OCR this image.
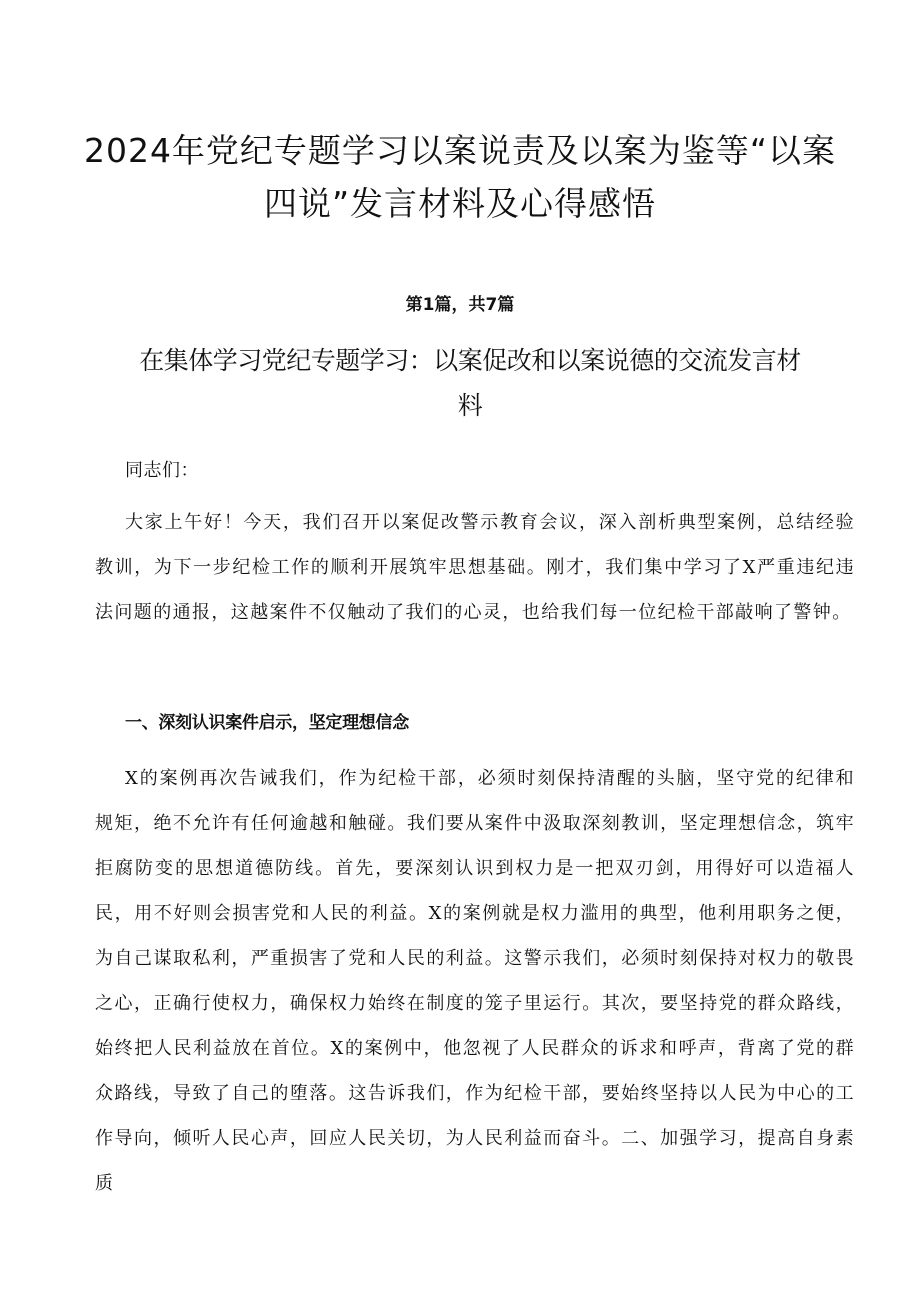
2024年党纪专题学习以案说责及以案为鉴等“以案四说”发言材料及心得感悟

第1篇，共7篇

在集体学习党纪专题学习：以案促改和以案说德的交流发言材料

同志们：

大家上午好！今天，我们召开以案促改警示教育会议，深入剖析典型案例，总结经验教训，为下一步纪检工作的顺利开展筑牢思想基础。刚才，我们集中学习了X严重违纪违法问题的通报，这越案件不仅触动了我们的心灵，也给我们每一位纪检干部敲响了警钟。

一、深刻认识案件启示，坚定理想信念

X的案例再次告诫我们，作为纪检干部，必须时刻保持清醒的头脑，坚守党的纪律和规矩，绝不允许有任何逾越和触碰。我们要从案件中汲取深刻教训，坚定理想信念，筑牢拒腐防变的思想道德防线。首先，要深刻认识到权力是一把双刃剑，用得好可以造福人民，用不好则会损害党和人民的利益。X的案例就是权力滥用的典型，他利用职务之便，为自己谋取私利，严重损害了党和人民的利益。这警示我们，必须时刻保持对权力的敬畏之心，正确行使权力，确保权力始终在制度的笼子里运行。其次，要坚持党的群众路线，始终把人民利益放在首位。X的案例中，他忽视了人民群众的诉求和呼声，背离了党的群众路线，导致了自己的堕落。这告诉我们，作为纪检干部，要始终坚持以人民为中心的工作导向，倾听人民心声，回应人民关切，为人民利益而奋斗。二、加强学习，提高自身素质
